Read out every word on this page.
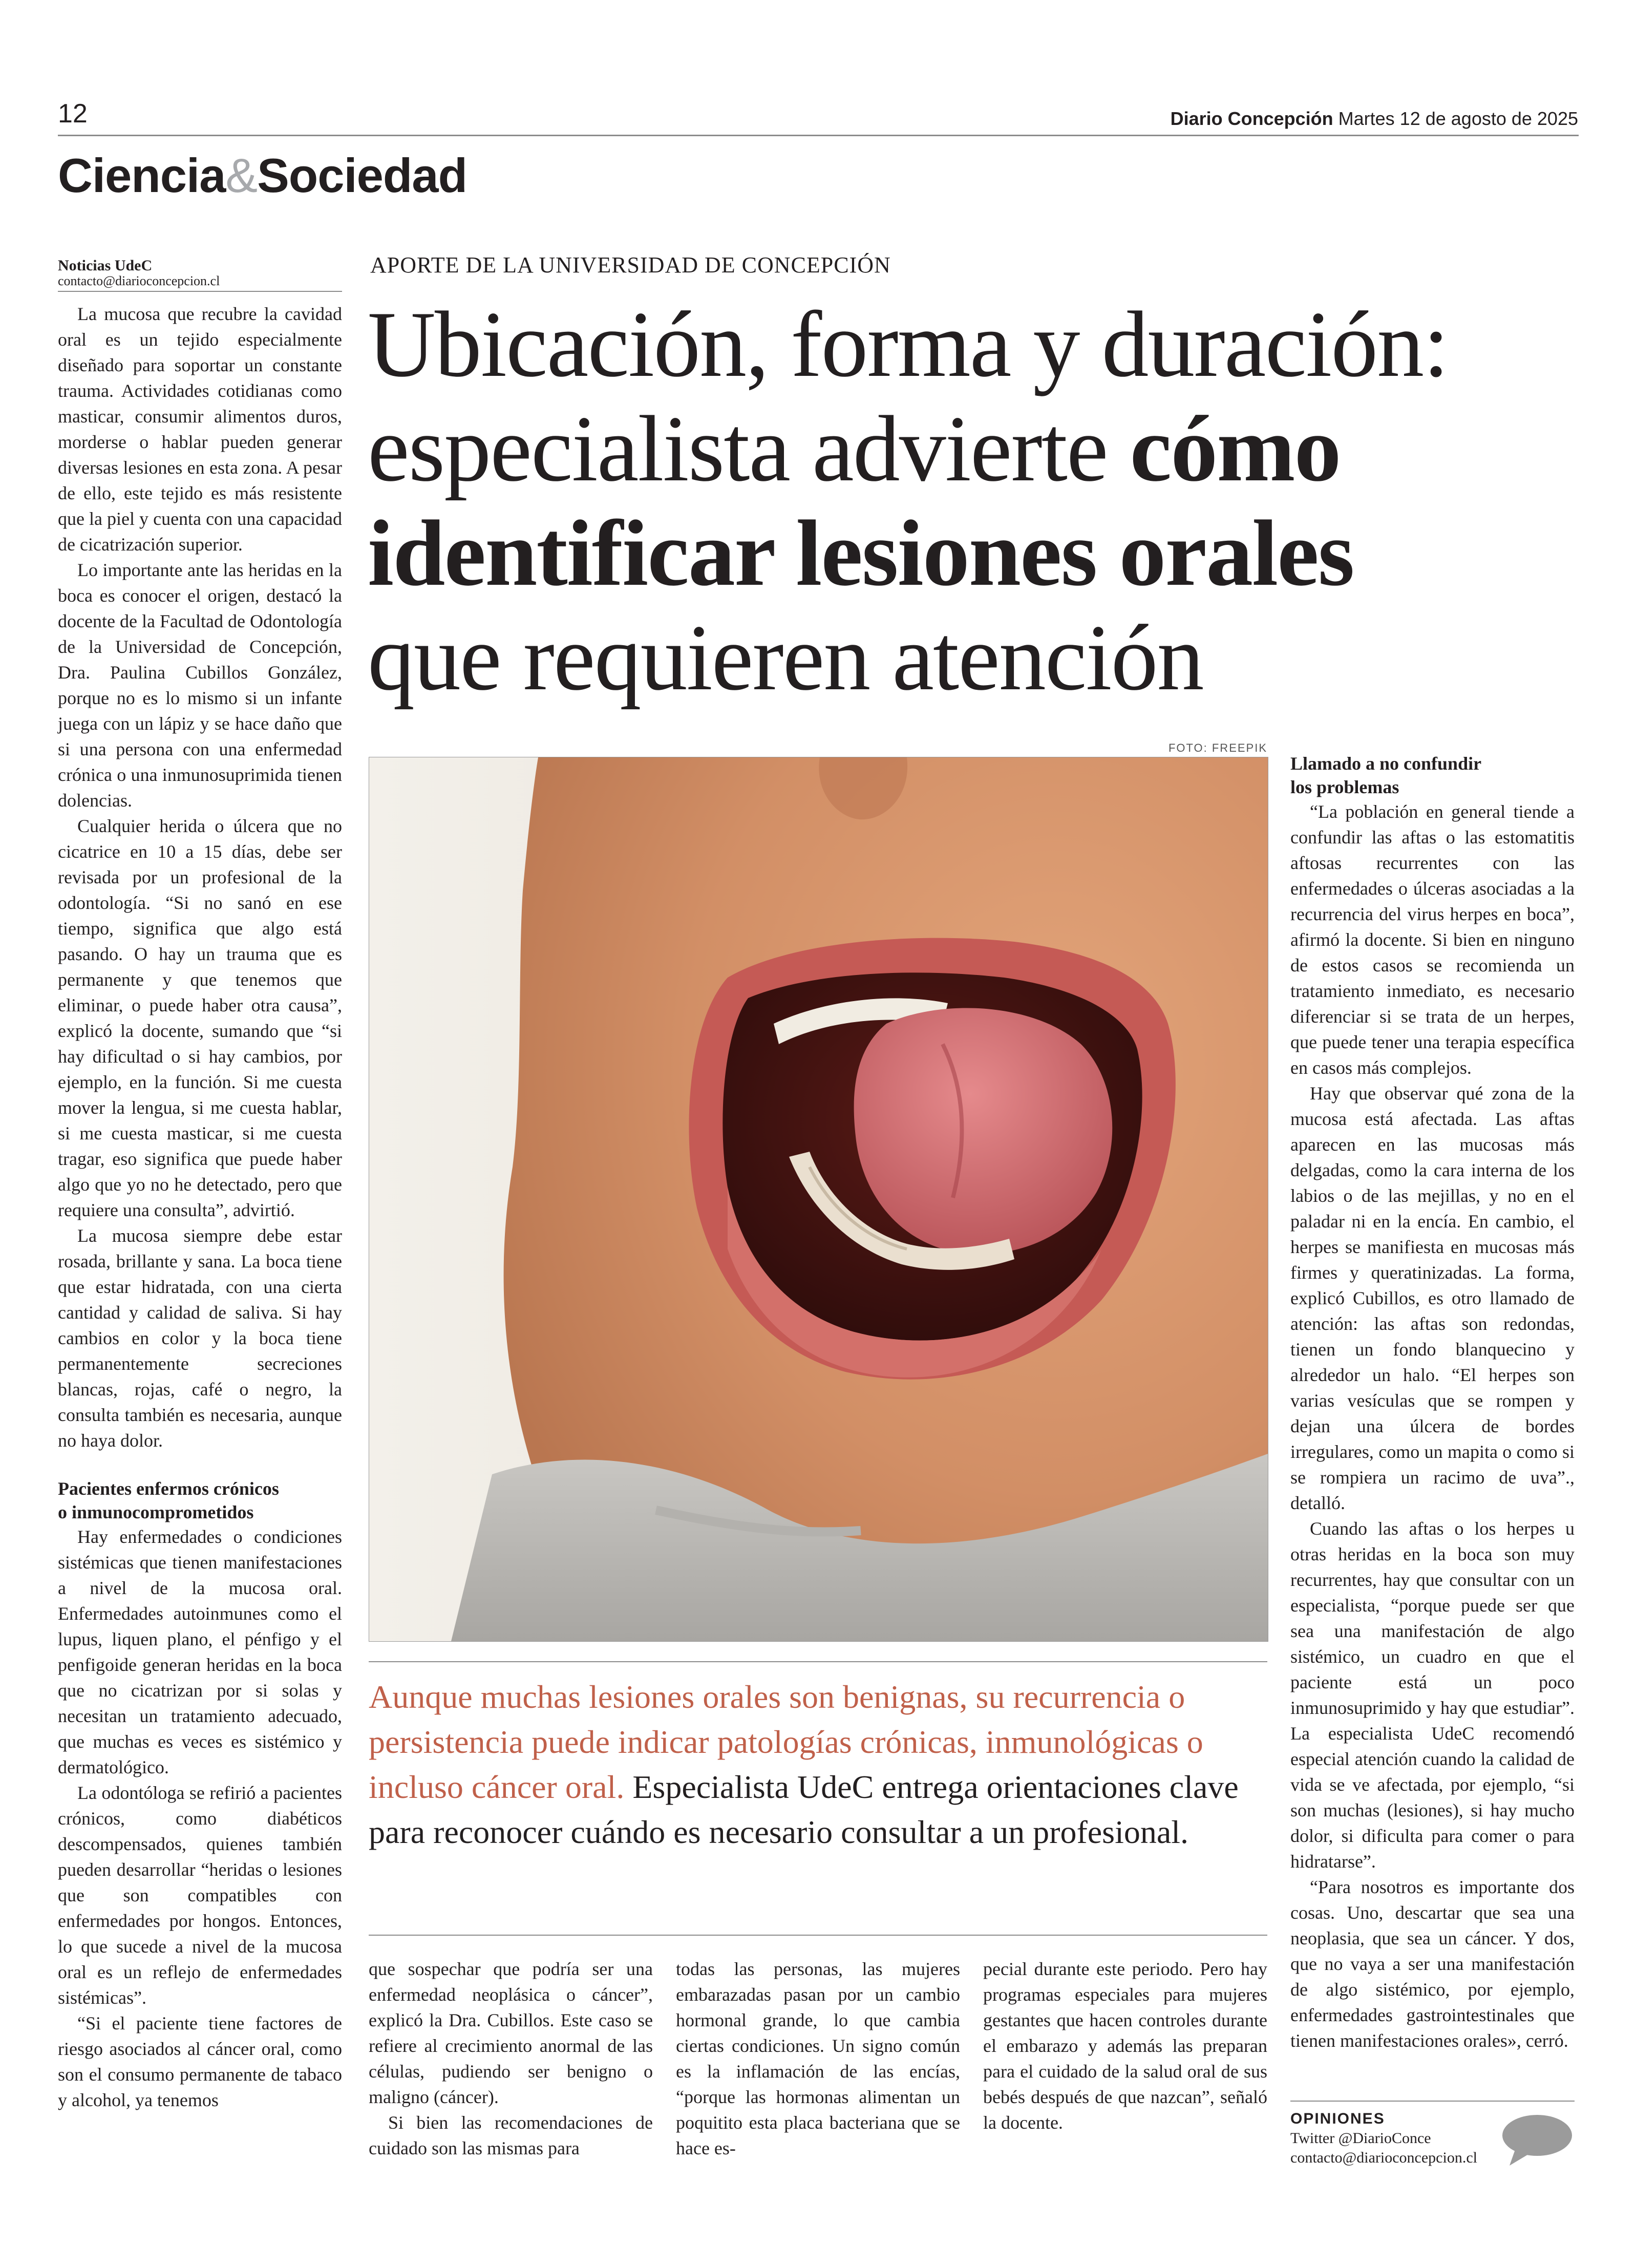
12	Diario Concepción Martes 12 de agosto de 2025
Ciencia&Sociedad
Noticias UdeC
contacto@diarioconcepcion.cl

La mucosa que recubre la cavidad oral es un tejido especialmente diseñado para soportar un constante trauma. Actividades cotidianas como masticar, consumir alimentos duros, morderse o hablar pueden generar diversas lesiones en esta zona. A pesar de ello, este tejido es más resistente que la piel y cuenta con una capacidad de cicatrización superior.

Lo importante ante las heridas en la boca es conocer el origen, destacó la docente de la Facultad de Odontología de la Universidad de Concepción, Dra. Paulina Cubillos González, porque no es lo mismo si un infante juega con un lápiz y se hace daño que si una persona con una enfermedad crónica o una inmunosuprimida tienen dolencias.

Cualquier herida o úlcera que no cicatrice en 10 a 15 días, debe ser revisada por un profesional de la odontología. “Si no sanó en ese tiempo, significa que algo está pasando. O hay un trauma que es permanente y que tenemos que eliminar, o puede haber otra causa”, explicó la docente, sumando que “si hay dificultad o si hay cambios, por ejemplo, en la función. Si me cuesta mover la lengua, si me cuesta hablar, si me cuesta masticar, si me cuesta tragar, eso significa que puede haber algo que yo no he detectado, pero que requiere una consulta”, advirtió.

La mucosa siempre debe estar rosada, brillante y sana. La boca tiene que estar hidratada, con una cierta cantidad y calidad de saliva. Si hay cambios en color y la boca tiene permanentemente secreciones blancas, rojas, café o negro, la consulta también es necesaria, aunque no haya dolor.

Pacientes enfermos crónicos
o inmunocomprometidos

Hay enfermedades o condiciones sistémicas que tienen manifestaciones a nivel de la mucosa oral. Enfermedades autoinmunes como el lupus, liquen plano, el pénfigo y el penfigoide generan heridas en la boca que no cicatrizan por si solas y necesitan un tratamiento adecuado, que muchas es veces es sistémico y dermatológico.

La odontóloga se refirió a pacientes crónicos, como diabéticos descompensados, quienes también pueden desarrollar “heridas o lesiones que son compatibles con enfermedades por hongos. Entonces, lo que sucede a nivel de la mucosa oral es un reflejo de enfermedades sistémicas”.

“Si el paciente tiene factores de riesgo asociados al cáncer oral, como son el consumo permanente de tabaco y alcohol, ya tenemos

APORTE DE LA UNIVERSIDAD DE CONCEPCIÓN
Ubicación, forma y duración:
especialista advierte cómo
identificar lesiones orales
que requieren atención
FOTO: FREEPIK
Aunque muchas lesiones orales son benignas, su recurrencia o persistencia puede indicar patologías crónicas, inmunológicas o incluso cáncer oral. Especialista UdeC entrega orientaciones clave para reconocer cuándo es necesario consultar a un profesional.

que sospechar que podría ser una enfermedad neoplásica o cáncer”, explicó la Dra. Cubillos. Este caso se refiere al crecimiento anormal de las células, pudiendo ser benigno o maligno (cáncer).

Si bien las recomendaciones de cuidado son las mismas para

todas las personas, las mujeres embarazadas pasan por un cambio hormonal grande, lo que cambia ciertas condiciones. Un signo común es la inflamación de las encías, “porque las hormonas alimentan un poquitito esta placa bacteriana que se hace es-

pecial durante este periodo. Pero hay programas especiales para mujeres gestantes que hacen controles durante el embarazo y además las preparan para el cuidado de la salud oral de sus bebés después de que nazcan”, señaló la docente.

Llamado a no confundir
los problemas

“La población en general tiende a confundir las aftas o las estomatitis aftosas recurrentes con las enfermedades o úlceras asociadas a la recurrencia del virus herpes en boca”, afirmó la docente. Si bien en ninguno de estos casos se recomienda un tratamiento inmediato, es necesario diferenciar si se trata de un herpes, que puede tener una terapia específica en casos más complejos.

Hay que observar qué zona de la mucosa está afectada. Las aftas aparecen en las mucosas más delgadas, como la cara interna de los labios o de las mejillas, y no en el paladar ni en la encía. En cambio, el herpes se manifiesta en mucosas más firmes y queratinizadas. La forma, explicó Cubillos, es otro llamado de atención: las aftas son redondas, tienen un fondo blanquecino y alrededor un halo. “El herpes son varias vesículas que se rompen y dejan una úlcera de bordes irregulares, como un mapita o como si se rompiera un racimo de uva”., detalló.

Cuando las aftas o los herpes u otras heridas en la boca son muy recurrentes, hay que consultar con un especialista, “porque puede ser que sea una manifestación de algo sistémico, un cuadro en que el paciente está un poco inmunosuprimido y hay que estudiar”. La especialista UdeC recomendó especial atención cuando la calidad de vida se ve afectada, por ejemplo, “si son muchas (lesiones), si hay mucho dolor, si dificulta para comer o para hidratarse”.

“Para nosotros es importante dos cosas. Uno, descartar que sea una neoplasia, que sea un cáncer. Y dos, que no vaya a ser una manifestación de algo sistémico, por ejemplo, enfermedades gastrointestinales que tienen manifestaciones orales», cerró.

OPINIONES
Twitter @DiarioConce
contacto@diarioconcepcion.cl
